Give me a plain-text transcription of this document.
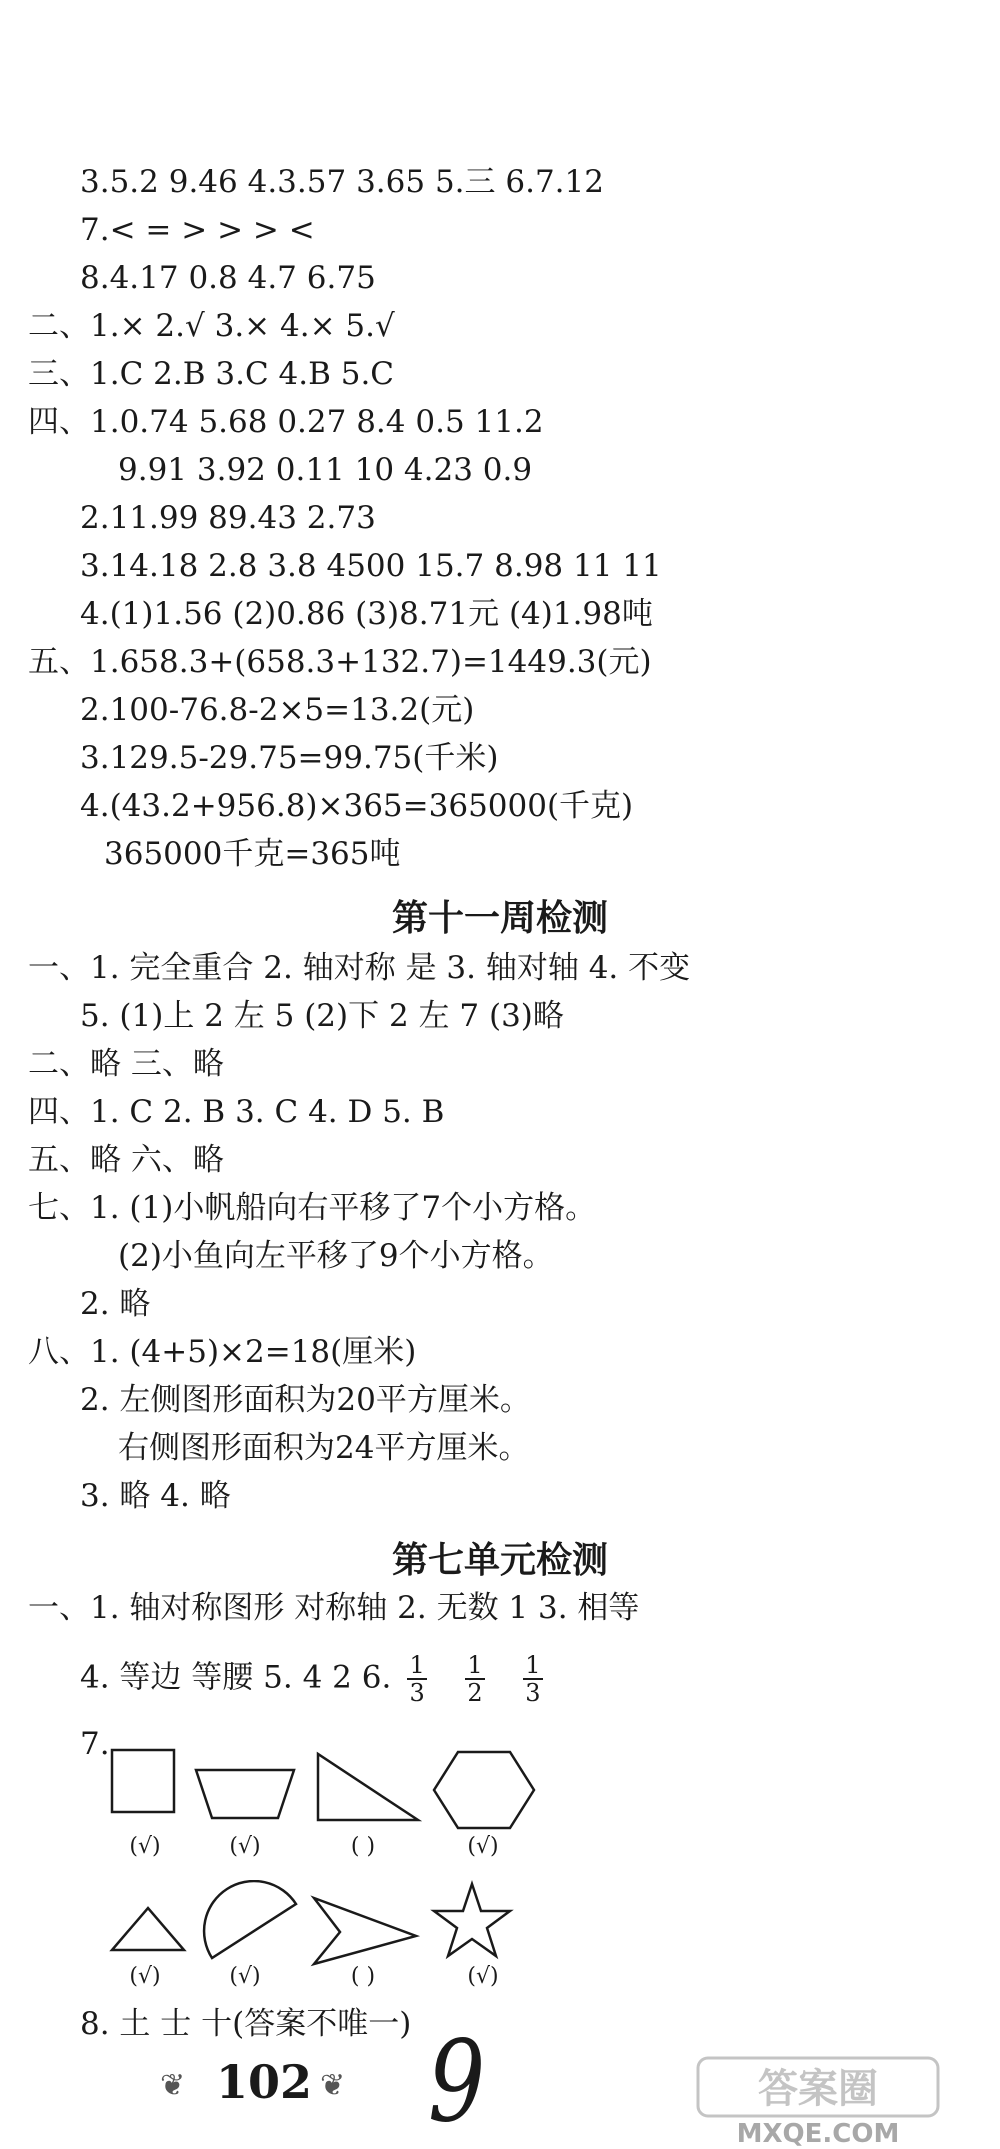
3.5.2 9.46 4.3.57 3.65 5.三 6.7.12
7.< = > > > <
8.4.17 0.8 4.7 6.75
二、1.× 2.√ 3.× 4.× 5.√
三、1.C 2.B 3.C 4.B 5.C
四、1.0.74 5.68 0.27 8.4 0.5 11.2
9.91 3.92 0.11 10 4.23 0.9
2.11.99 89.43 2.73
3.14.18 2.8 3.8 4500 15.7 8.98 11 11
4.(1)1.56 (2)0.86 (3)8.71元 (4)1.98吨
五、1.658.3+(658.3+132.7)=1449.3(元)
2.100-76.8-2×5=13.2(元)
3.129.5-29.75=99.75(千米)
4.(43.2+956.8)×365=365000(千克)
365000千克=365吨
第十一周检测
一、1. 完全重合 2. 轴对称 是 3. 轴对轴 4. 不变
5. (1)上 2 左 5 (2)下 2 左 7 (3)略
二、略 三、略
四、1. C 2. B 3. C 4. D 5. B
五、略 六、略
七、1. (1)小帆船向右平移了7个小方格。
(2)小鱼向左平移了9个小方格。
2. 略
八、1. (4+5)×2=18(厘米)
2. 左侧图形面积为20平方厘米。
右侧图形面积为24平方厘米。
3. 略 4. 略
第七单元检测
一、1. 轴对称图形 对称轴 2. 无数 1 3. 相等
4. 等边 等腰 5. 4 2 6. $\frac{1}{3}$
$\frac{1}{2}$
$\frac{1}{3}$
7.
(√)	(√)	( )	(√)
(√)	(√)	( )	(√)
8. 土 士 十(答案不唯一)
❦ 102 ❦ 9	答案圈
MXQE.COM
